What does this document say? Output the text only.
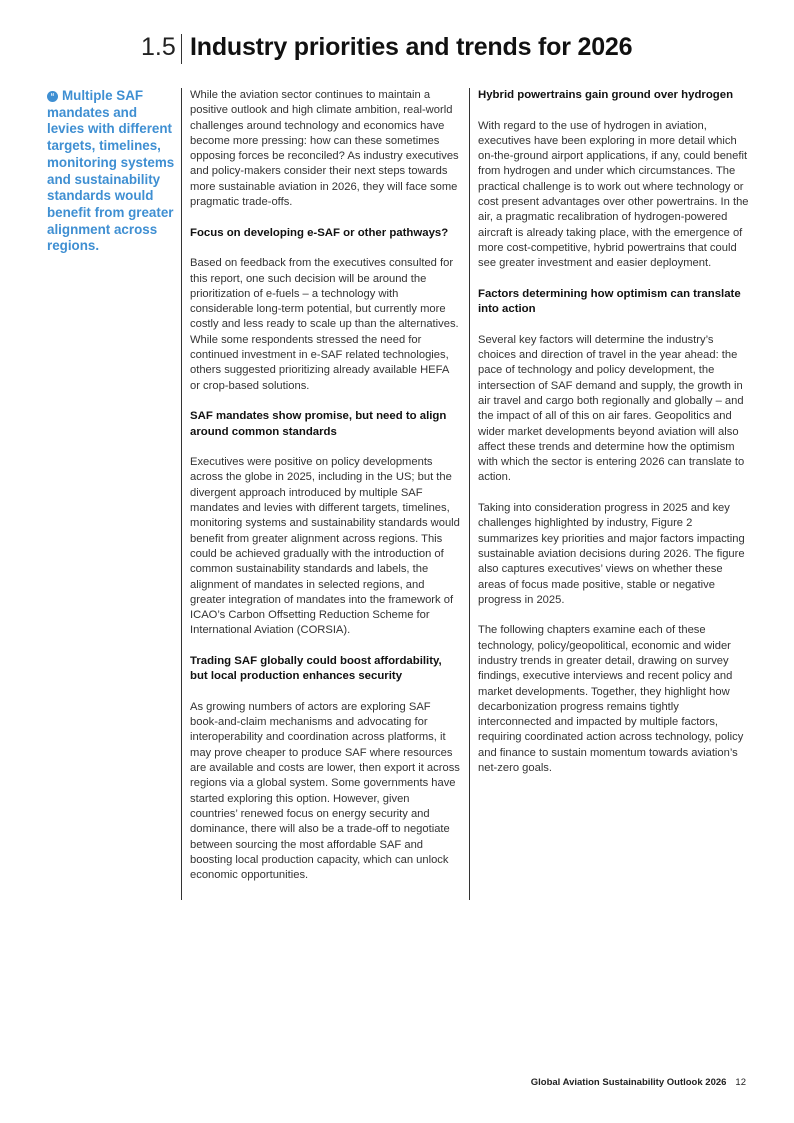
1.5 Industry priorities and trends for 2026
“ Multiple SAF mandates and levies with different targets, timelines, monitoring systems and sustainability standards would benefit from greater alignment across regions.

While the aviation sector continues to maintain a positive outlook and high climate ambition, real-world challenges around technology and economics have become more pressing: how can these sometimes opposing forces be reconciled? As industry executives and policy-makers consider their next steps towards more sustainable aviation in 2026, they will face some pragmatic trade-offs.

Focus on developing e-SAF or other pathways?

Based on feedback from the executives consulted for this report, one such decision will be around the prioritization of e-fuels – a technology with considerable long-term potential, but currently more costly and less ready to scale up than the alternatives. While some respondents stressed the need for continued investment in e-SAF related technologies, others suggested prioritizing already available HEFA or crop-based solutions.

SAF mandates show promise, but need to align around common standards

Executives were positive on policy developments across the globe in 2025, including in the US; but the divergent approach introduced by multiple SAF mandates and levies with different targets, timelines, monitoring systems and sustainability standards would benefit from greater alignment across regions. This could be achieved gradually with the introduction of common sustainability standards and labels, the alignment of mandates in selected regions, and greater integration of mandates into the framework of ICAO’s Carbon Offsetting Reduction Scheme for International Aviation (CORSIA).

Trading SAF globally could boost affordability, but local production enhances security

As growing numbers of actors are exploring SAF book-and-claim mechanisms and advocating for interoperability and coordination across platforms, it may prove cheaper to produce SAF where resources are available and costs are lower, then export it across regions via a global system. Some governments have started exploring this option. However, given countries’ renewed focus on energy security and dominance, there will also be a trade-off to negotiate between sourcing the most affordable SAF and boosting local production capacity, which can unlock economic opportunities.

Hybrid powertrains gain ground over hydrogen

With regard to the use of hydrogen in aviation, executives have been exploring in more detail which on-the-ground airport applications, if any, could benefit from hydrogen and under which circumstances. The practical challenge is to work out where technology or cost present advantages over other powertrains. In the air, a pragmatic recalibration of hydrogen-powered aircraft is already taking place, with the emergence of more cost-competitive, hybrid powertrains that could see greater investment and easier deployment.

Factors determining how optimism can translate into action

Several key factors will determine the industry’s choices and direction of travel in the year ahead: the pace of technology and policy development, the intersection of SAF demand and supply, the growth in air travel and cargo both regionally and globally – and the impact of all of this on air fares. Geopolitics and wider market developments beyond aviation will also affect these trends and determine how the optimism with which the sector is entering 2026 can translate to action.

Taking into consideration progress in 2025 and key challenges highlighted by industry, Figure 2 summarizes key priorities and major factors impacting sustainable aviation decisions during 2026. The figure also captures executives’ views on whether these areas of focus made positive, stable or negative progress in 2025.

The following chapters examine each of these technology, policy/geopolitical, economic and wider industry trends in greater detail, drawing on survey findings, executive interviews and recent policy and market developments. Together, they highlight how decarbonization progress remains tightly interconnected and impacted by multiple factors, requiring coordinated action across technology, policy and finance to sustain momentum towards aviation’s net-zero goals.

Global Aviation Sustainability Outlook 2026 12
